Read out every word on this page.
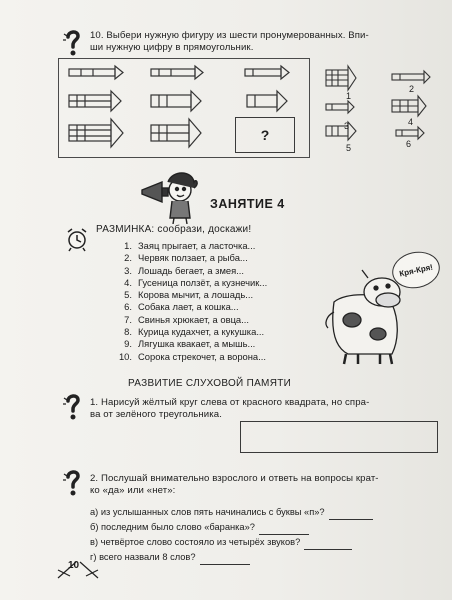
10. Выбери нужную фигуру из шести пронумерованных. Впи-
ши нужную цифру в прямоугольник.
?
1
2
3	4
5	6
ЗАНЯТИЕ 4
РАЗМИНКА: сообрази, доскажи!
1. Заяц прыгает, а ласточка...
2. Червяк ползает, а рыба...
3. Лошадь бегает, а змея...
4. Гусеница ползёт, а кузнечик...
5. Корова мычит, а лошадь...
6. Собака лает, а кошка...
7. Свинья хрюкает, а овца...
8. Курица кудахчет, а кукушка...
9. Лягушка квакает, а мышь...
10. Сорока стрекочет, а ворона...
Кря-Кря!
РАЗВИТИЕ СЛУХОВОЙ ПАМЯТИ
1. Нарисуй жёлтый круг слева от красного квадрата, но спра-
ва от зелёного треугольника.
2. Послушай внимательно взрослого и ответь на вопросы крат-
ко «да» или «нет»:
а) из услышанных слов пять начинались с буквы «п»?
б) последним было слово «баранка»?
в) четвёртое слово состояло из четырёх звуков?
г) всего назвали 8 слов?
10
